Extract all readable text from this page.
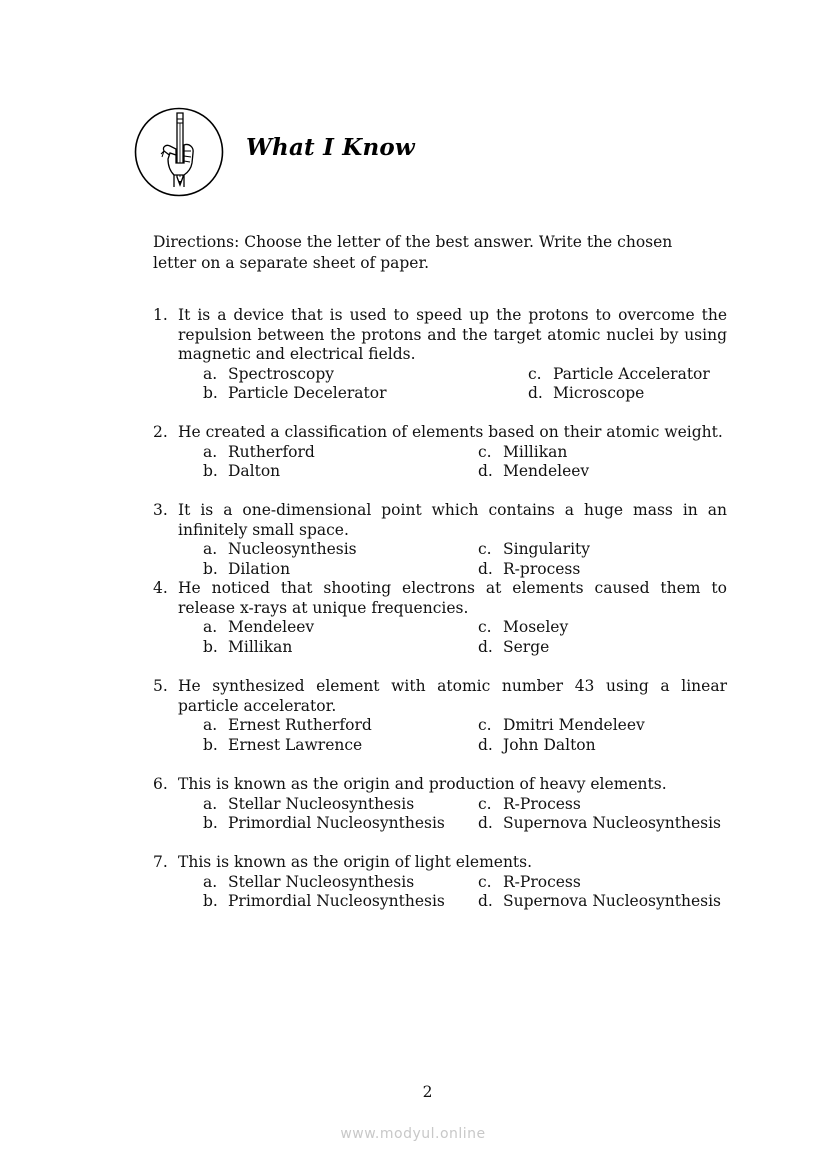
What I Know

Directions: Choose the letter of the best answer. Write the chosen letter on a separate sheet of paper.

1. It is a device that is used to speed up the protons to overcome the repulsion between the protons and the target atomic nuclei by using magnetic and electrical fields.
a. Spectroscopy	c. Particle Accelerator
b. Particle Decelerator	d. Microscope
2. He created a classification of elements based on their atomic weight.
a. Rutherford	c. Millikan
b. Dalton	d. Mendeleev
3. It is a one-dimensional point which contains a huge mass in an infinitely small space.
a. Nucleosynthesis	c. Singularity
b. Dilation	d. R-process
4. He noticed that shooting electrons at elements caused them to release x-rays at unique frequencies.
a. Mendeleev	c. Moseley
b. Millikan	d. Serge
5. He synthesized element with atomic number 43 using a linear particle accelerator.
a. Ernest Rutherford	c. Dmitri Mendeleev
b. Ernest Lawrence	d. John Dalton
6. This is known as the origin and production of heavy elements.
a. Stellar Nucleosynthesis	c. R-Process
b. Primordial Nucleosynthesis d. Supernova Nucleosynthesis
7. This is known as the origin of light elements.
a. Stellar Nucleosynthesis	c. R-Process
b. Primordial Nucleosynthesis d. Supernova Nucleosynthesis
2
www.modyul.online
